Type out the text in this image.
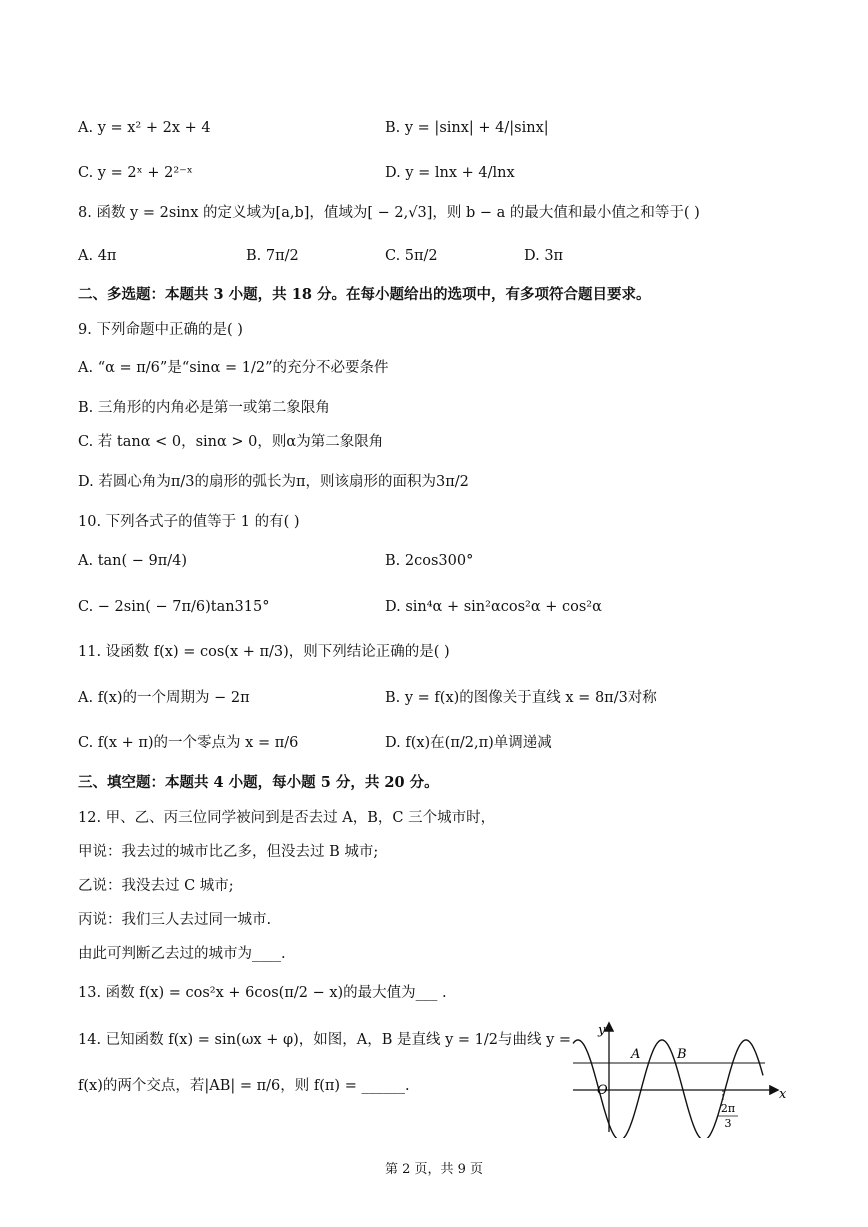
A. y = x² + 2x + 4	B. y = |sinx| + 4/|sinx|
C. y = 2ˣ + 2²⁻ˣ	D. y = lnx + 4/lnx
8. 函数 y = 2sinx 的定义域为[a,b]，值域为[ − 2,√3]，则 b − a 的最大值和最小值之和等于( )
A. 4π	B. 7π/2	C. 5π/2	D. 3π
二、多选题：本题共 3 小题，共 18 分。在每小题给出的选项中，有多项符合题目要求。
9. 下列命题中正确的是( )
A. “α = π/6”是“sinα = 1/2”的充分不必要条件
B. 三角形的内角必是第一或第二象限角
C. 若 tanα < 0，sinα > 0，则α为第二象限角
D. 若圆心角为π/3的扇形的弧长为π，则该扇形的面积为3π/2
10. 下列各式子的值等于 1 的有( )
A. tan( − 9π/4)	B. 2cos300°
C. − 2sin( − 7π/6)tan315°	D. sin⁴α + sin²αcos²α + cos²α
11. 设函数 f(x) = cos(x + π/3)，则下列结论正确的是( )
A. f(x)的一个周期为 − 2π	B. y = f(x)的图像关于直线 x = 8π/3对称
C. f(x + π)的一个零点为 x = π/6	D. f(x)在(π/2,π)单调递减
三、填空题：本题共 4 小题，每小题 5 分，共 20 分。
12. 甲、乙、丙三位同学被问到是否去过 A，B，C 三个城市时，
甲说：我去过的城市比乙多，但没去过 B 城市;
乙说：我没去过 C 城市;
丙说：我们三人去过同一城市.
由此可判断乙去过的城市为____.
13. 函数 f(x) = cos²x + 6cos(π/2 − x)的最大值为___ .
14. 已知函数 f(x) = sin(ωx + φ)，如图，A，B 是直线 y = 1/2与曲线 y =
f(x)的两个交点，若|AB| = π/6，则 f(π) = ______.
y
x
O
A	B
2π
3
第 2 页，共 9 页
